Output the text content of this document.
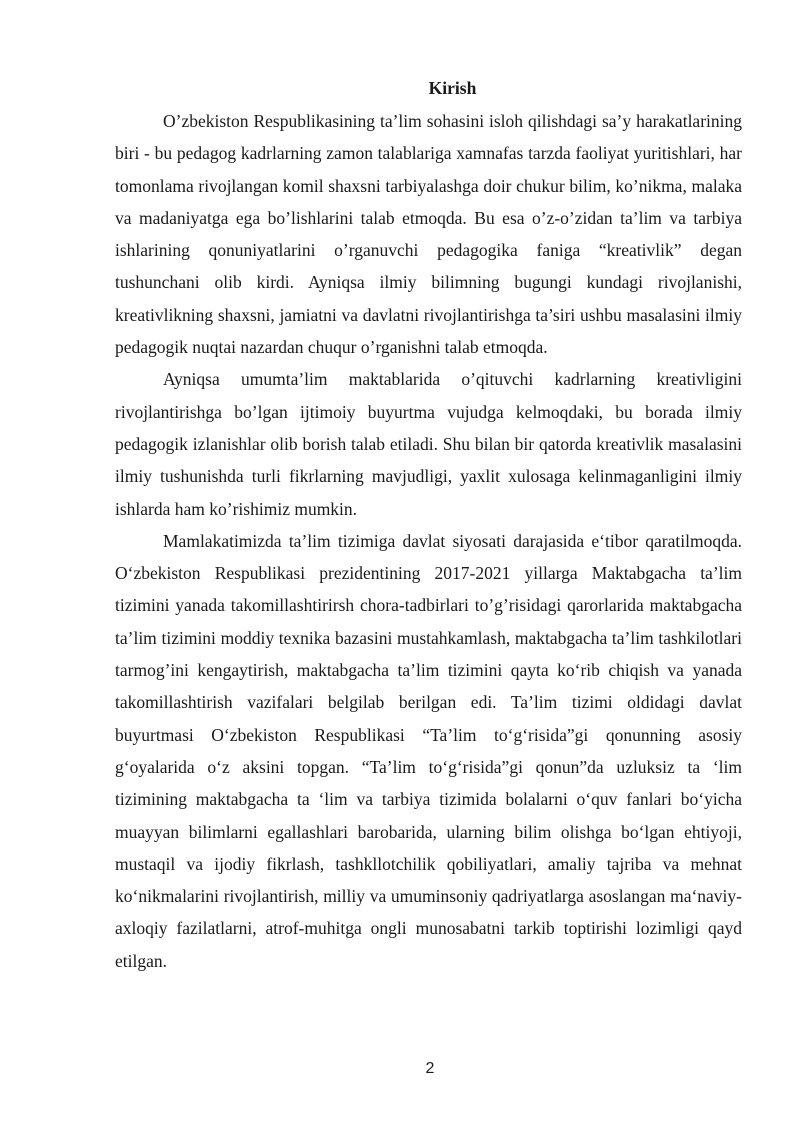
Kirish

O’zbekiston Respublikasining ta’lim sohasini isloh qilishdagi sa’y harakatlarining biri - bu pedagog kadrlarning zamon talablariga xamnafas tarzda faoliyat yuritishlari, har tomonlama rivojlangan komil shaxsni tarbiyalashga doir chukur bilim, ko’nikma, malaka va madaniyatga ega bo’lishlarini talab etmoqda. Bu esa o’z-o’zidan ta’lim va tarbiya ishlarining qonuniyatlarini o’rganuvchi pedagogika faniga “kreativlik” degan tushunchani olib kirdi. Ayniqsa ilmiy bilimning bugungi kundagi rivojlanishi, kreativlikning shaxsni, jamiatni va davlatni rivojlantirishga ta’siri ushbu masalasini ilmiy pedagogik nuqtai nazardan chuqur o’rganishni talab etmoqda.

Ayniqsa umumta’lim maktablarida o’qituvchi kadrlarning kreativligini rivojlantirishga bo’lgan ijtimoiy buyurtma vujudga kelmoqdaki, bu borada ilmiy pedagogik izlanishlar olib borish talab etiladi. Shu bilan bir qatorda kreativlik masalasini ilmiy tushunishda turli fikrlarning mavjudligi, yaxlit xulosaga kelinmaganligini ilmiy ishlarda ham ko’rishimiz mumkin.

Mamlakatimizda ta’lim tizimiga davlat siyosati darajasida e‘tibor qaratilmoqda. O‘zbekiston Respublikasi prezidentining 2017-2021 yillarga Maktabgacha ta’lim tizimini yanada takomillashtirirsh chora-tadbirlari to’g’risidagi qarorlarida maktabgacha ta’lim tizimini moddiy texnika bazasini mustahkamlash, maktabgacha ta’lim tashkilotlari tarmog’ini kengaytirish, maktabgacha ta’lim tizimini qayta ko‘rib chiqish va yanada takomillashtirish vazifalari belgilab berilgan edi. Ta’lim tizimi oldidagi davlat buyurtmasi O‘zbekiston Respublikasi “Ta’lim to‘g‘risida”gi qonunning asosiy g‘oyalarida o‘z aksini topgan. “Ta’lim to‘g‘risida”gi qonun”da uzluksiz ta ‘lim tizimining maktabgacha ta ‘lim va tarbiya tizimida bolalarni o‘quv fanlari bo‘yicha muayyan bilimlarni egallashlari barobarida, ularning bilim olishga bo‘lgan ehtiyoji, mustaqil va ijodiy fikrlash, tashkllotchilik qobiliyatlari, amaliy tajriba va mehnat ko‘nikmalarini rivojlantirish, milliy va umuminsoniy qadriyatlarga asoslangan ma‘naviy-axloqiy fazilatlarni, atrof-muhitga ongli munosabatni tarkib toptirishi lozimligi qayd etilgan.

2
